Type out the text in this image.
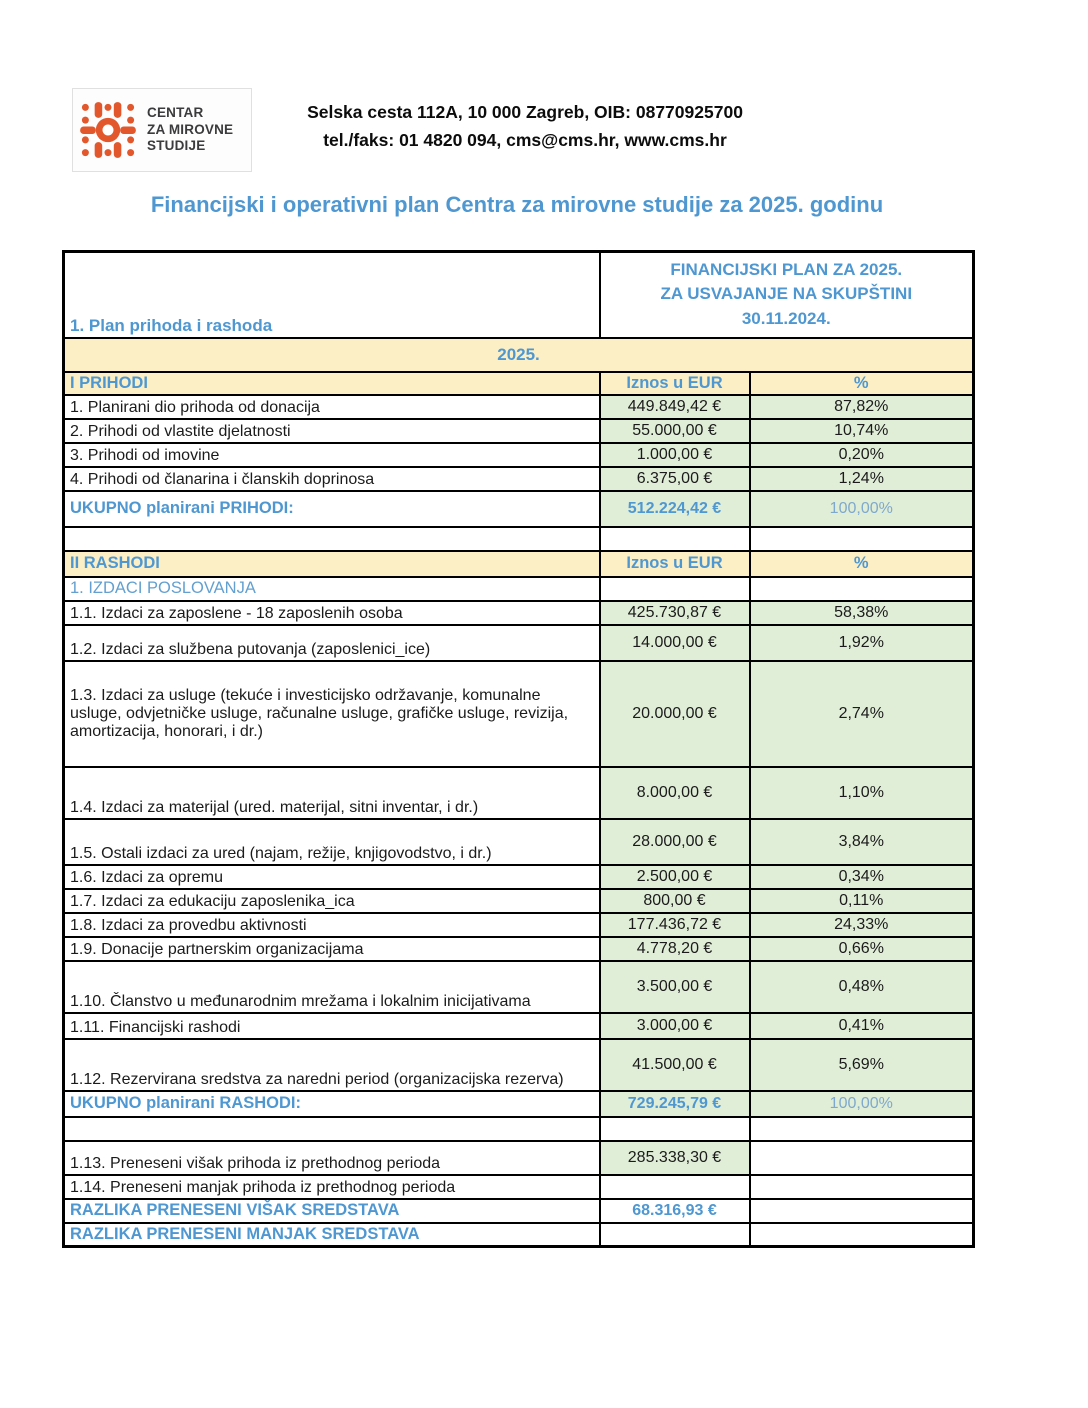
CENTAR
ZA MIROVNE
STUDIJE
Selska cesta 112A, 10 000 Zagreb, OIB: 08770925700
tel./faks: 01 4820 094, cms@cms.hr, www.cms.hr
Financijski i operativni plan Centra za mirovne studije za 2025. godinu
1. Plan prihoda i rashoda	FINANCIJSKI PLAN ZA 2025.
ZA USVAJANJE NA SKUPŠTINI
30.11.2024.	

2025.		
I PRIHODI	Iznos u EUR	%
1. Planirani dio prihoda od donacija	449.849,42 €	87,82%
2. Prihodi od vlastite djelatnosti	55.000,00 €	10,74%
3. Prihodi od imovine	1.000,00 €	0,20%
4. Prihodi od članarina i članskih doprinosa	6.375,00 €	1,24%
UKUPNO planirani PRIHODI:	512.224,42 €	100,00%

II RASHODI	Iznos u EUR	%
1. IZDACI POSLOVANJA		
1.1. Izdaci za zaposlene - 18 zaposlenih osoba	425.730,87 €	58,38%
1.2. Izdaci za službena putovanja (zaposlenici_ice)	14.000,00 €	1,92%
1.3. Izdaci za usluge (tekuće i investicijsko održavanje, komunalne usluge, odvjetničke usluge, računalne usluge, grafičke usluge, revizija, amortizacija, honorari, i dr.)	20.000,00 €	2,74%
1.4. Izdaci za materijal (ured. materijal, sitni inventar, i dr.)	8.000,00 €	1,10%
1.5. Ostali izdaci za ured (najam, režije, knjigovodstvo, i dr.)	28.000,00 €	3,84%
1.6. Izdaci za opremu	2.500,00 €	0,34%
1.7. Izdaci za edukaciju zaposlenika_ica	800,00 €	0,11%
1.8. Izdaci za provedbu aktivnosti	177.436,72 €	24,33%
1.9. Donacije partnerskim organizacijama	4.778,20 €	0,66%
1.10. Članstvo u međunarodnim mrežama i lokalnim inicijativama	3.500,00 €	0,48%
1.11. Financijski rashodi	3.000,00 €	0,41%
1.12. Rezervirana sredstva za naredni period (organizacijska rezerva)	41.500,00 €	5,69%
UKUPNO planirani RASHODI:	729.245,79 €	100,00%

1.13. Preneseni višak prihoda iz prethodnog perioda	285.338,30 €	
1.14. Preneseni manjak prihoda iz prethodnog perioda		
RAZLIKA PRENESENI VIŠAK SREDSTAVA	68.316,93 €	
RAZLIKA PRENESENI MANJAK SREDSTAVA		
